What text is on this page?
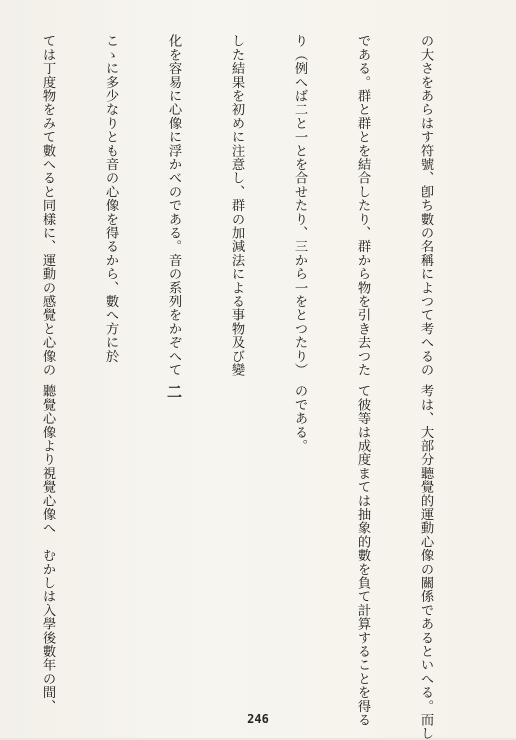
の大さをあらはす符號、卽ち數の名稱によつて考へるの

である。群と群とを結合したり、群から物を引き去つた

り（例へば二と一とを合せたり、三から一をとつたり）

した結果を初めに注意し、群の加減法による事物及び變

化を容易に心像に浮かべのである。音の系列をかぞへて

こゝに多少なりとも音の心像を得るから、數へ方に於

ては丁度物をみて數へると同樣に、運動の感覺と心像の

考は、大部分聽覺的運動心像の關係であるといへる。而し

て彼等は成度まては抽象的數を負て計算することを得る

のである。

二

聽覺心像より視覺心像へ　むかしは入學後數年の間、

246
